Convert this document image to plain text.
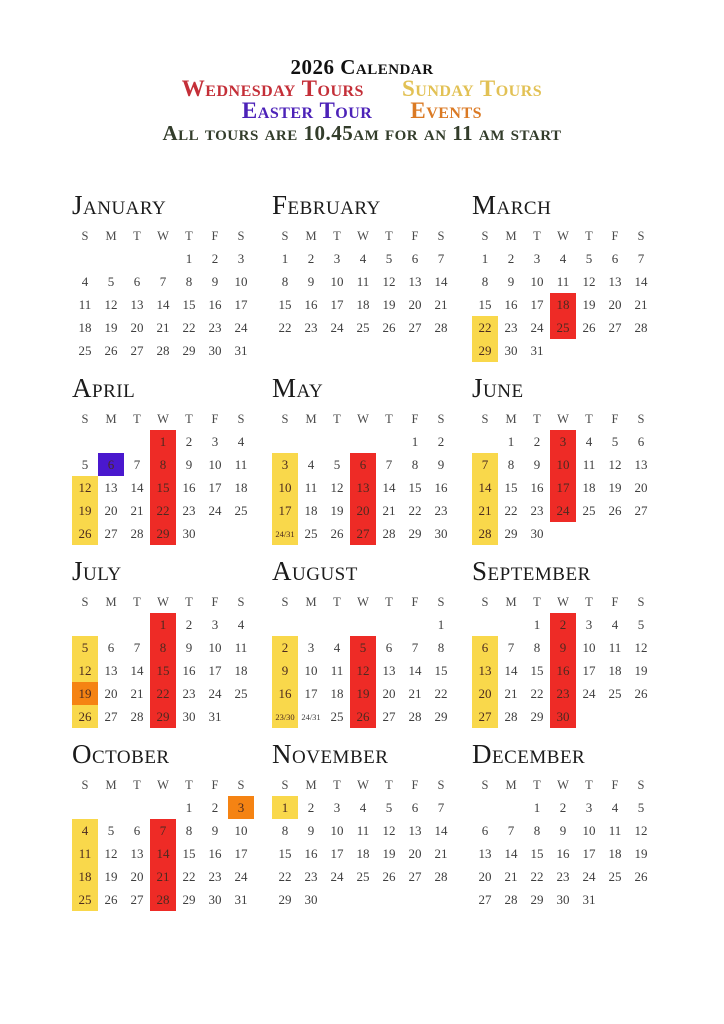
2026 Calendar
Wednesday Tours Sunday Tours
Easter Tour Events
All tours are 10.45am for an 11 am start
January
S	M	T	W	T	F	S
				1	2	3
4	5	6	7	8	9	10
11	12	13	14	15	16	17
18	19	20	21	22	23	24
25	26	27	28	29	30	31
February
S	M	T	W	T	F	S
1	2	3	4	5	6	7
8	9	10	11	12	13	14
15	16	17	18	19	20	21
22	23	24	25	26	27	28

March
S	M	T	W	T	F	S
1	2	3	4	5	6	7
8	9	10	11	12	13	14
15	16	17	18	19	20	21
22	23	24	25	26	27	28
29	30	31				
April
S	M	T	W	T	F	S
			1	2	3	4
5	6	7	8	9	10	11
12	13	14	15	16	17	18
19	20	21	22	23	24	25
26	27	28	29	30		
May
S	M	T	W	T	F	S
					1	2
3	4	5	6	7	8	9
10	11	12	13	14	15	16
17	18	19	20	21	22	23
24/31	25	26	27	28	29	30
June
S	M	T	W	T	F	S
	1	2	3	4	5	6
7	8	9	10	11	12	13
14	15	16	17	18	19	20
21	22	23	24	25	26	27
28	29	30				
July
S	M	T	W	T	F	S
			1	2	3	4
5	6	7	8	9	10	11
12	13	14	15	16	17	18
19	20	21	22	23	24	25
26	27	28	29	30	31	
August
S	M	T	W	T	F	S
						1
2	3	4	5	6	7	8
9	10	11	12	13	14	15
16	17	18	19	20	21	22
23/30	24/31	25	26	27	28	29
September
S	M	T	W	T	F	S
		1	2	3	4	5
6	7	8	9	10	11	12
13	14	15	16	17	18	19
20	21	22	23	24	25	26
27	28	29	30			
October
S	M	T	W	T	F	S
				1	2	3
4	5	6	7	8	9	10
11	12	13	14	15	16	17
18	19	20	21	22	23	24
25	26	27	28	29	30	31
November
S	M	T	W	T	F	S
1	2	3	4	5	6	7
8	9	10	11	12	13	14
15	16	17	18	19	20	21
22	23	24	25	26	27	28
29	30					
December
S	M	T	W	T	F	S
		1	2	3	4	5
6	7	8	9	10	11	12
13	14	15	16	17	18	19
20	21	22	23	24	25	26
27	28	29	30	31		
